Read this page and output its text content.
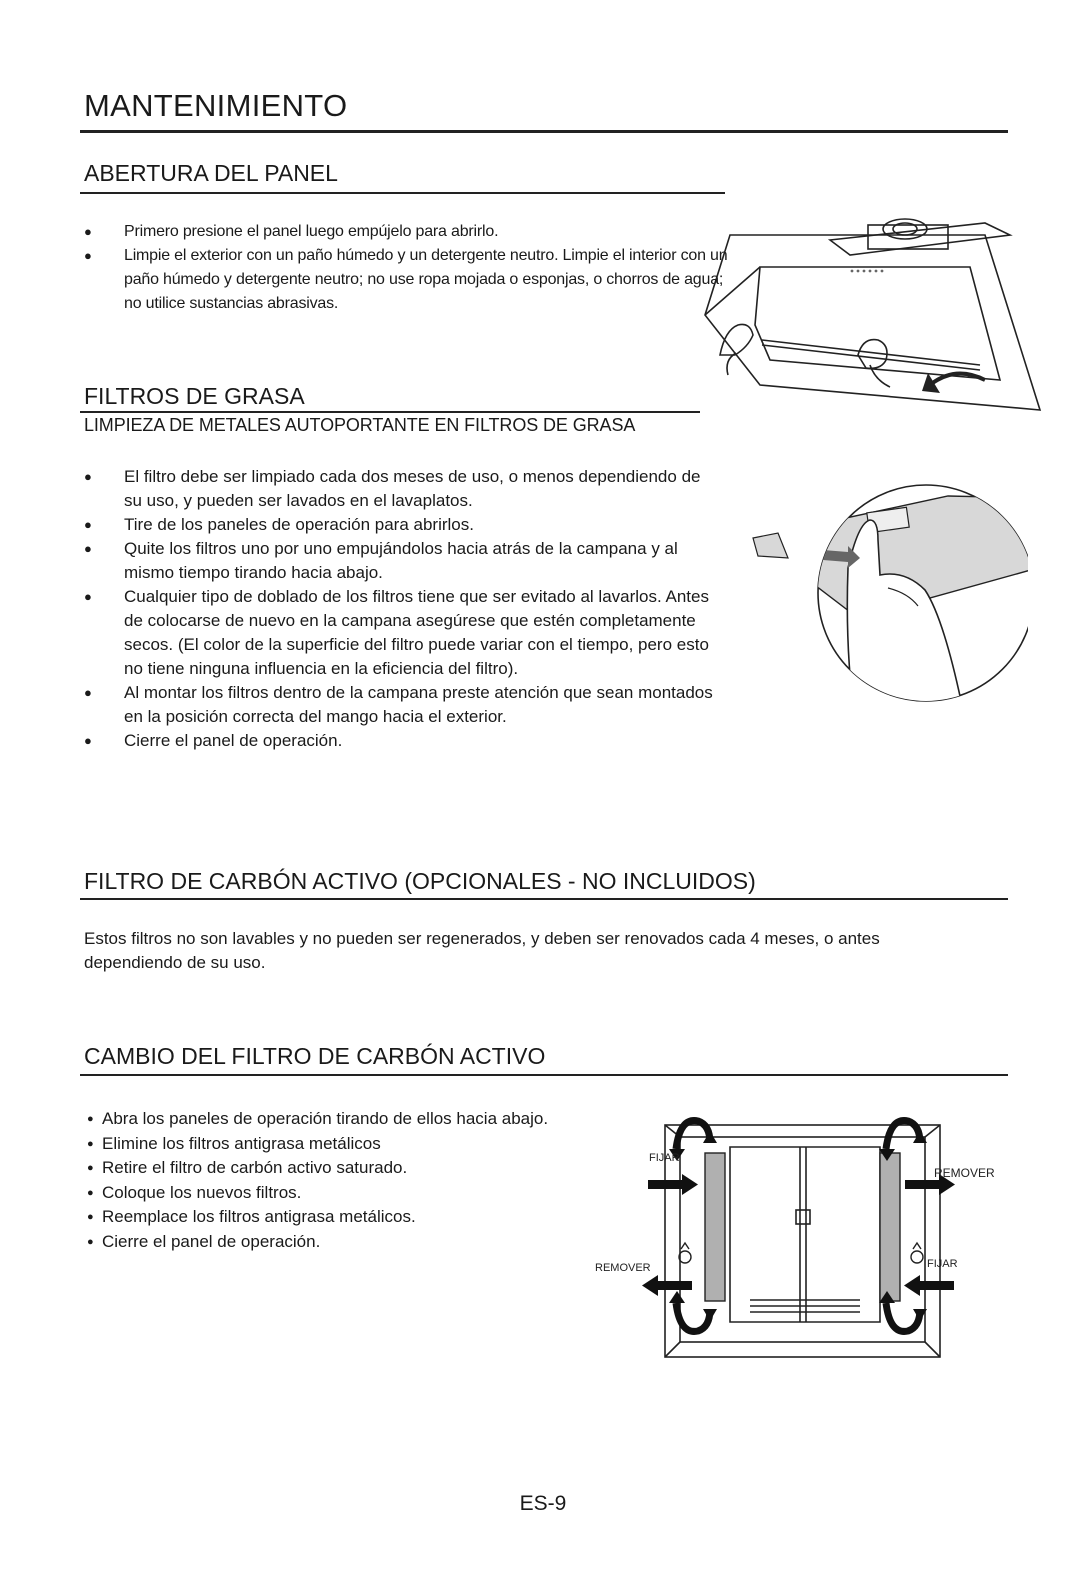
MANTENIMIENTO
ABERTURA DEL PANEL
● Primero presione el panel luego empújelo para abrirlo.
● Limpie el exterior con un paño húmedo y un detergente neutro. Limpie el interior con un paño húmedo y detergente neutro; no use ropa mojada o esponjas, o chorros de agua; no utilice sustancias abrasivas.
FILTROS DE GRASA
LIMPIEZA DE METALES AUTOPORTANTE EN FILTROS DE GRASA
● El filtro debe ser limpiado cada dos meses de uso, o menos dependiendo de su uso, y pueden ser lavados en el lavaplatos.
● Tire de los paneles de operación para abrirlos.
● Quite los filtros uno por uno empujándolos hacia atrás de la campana y al mismo tiempo tirando hacia abajo.
● Cualquier tipo de doblado de los filtros tiene que ser evitado al lavarlos. Antes de colocarse de nuevo en la campana asegúrese que estén completamente secos. (El color de la superficie del filtro puede variar con el tiempo, pero esto no tiene ninguna influencia en la eficiencia del filtro).
● Al montar los filtros dentro de la campana preste atención que sean montados en la posición correcta del mango hacia el exterior.
● Cierre el panel de operación.
FILTRO DE CARBÓN ACTIVO (OPCIONALES - NO INCLUIDOS)
Estos filtros no son lavables y no pueden ser regenerados, y deben ser renovados cada 4 meses, o antes dependiendo de su uso.
CAMBIO DEL FILTRO DE CARBÓN ACTIVO
● Abra los paneles de operación tirando de ellos hacia abajo.
● Elimine los filtros antigrasa metálicos
● Retire el filtro de carbón activo saturado.
● Coloque los nuevos filtros.
● Reemplace los filtros antigrasa metálicos.
● Cierre el panel de operación.
FIJAR
REMOVER
REMOVER	FIJAR
ES-9
